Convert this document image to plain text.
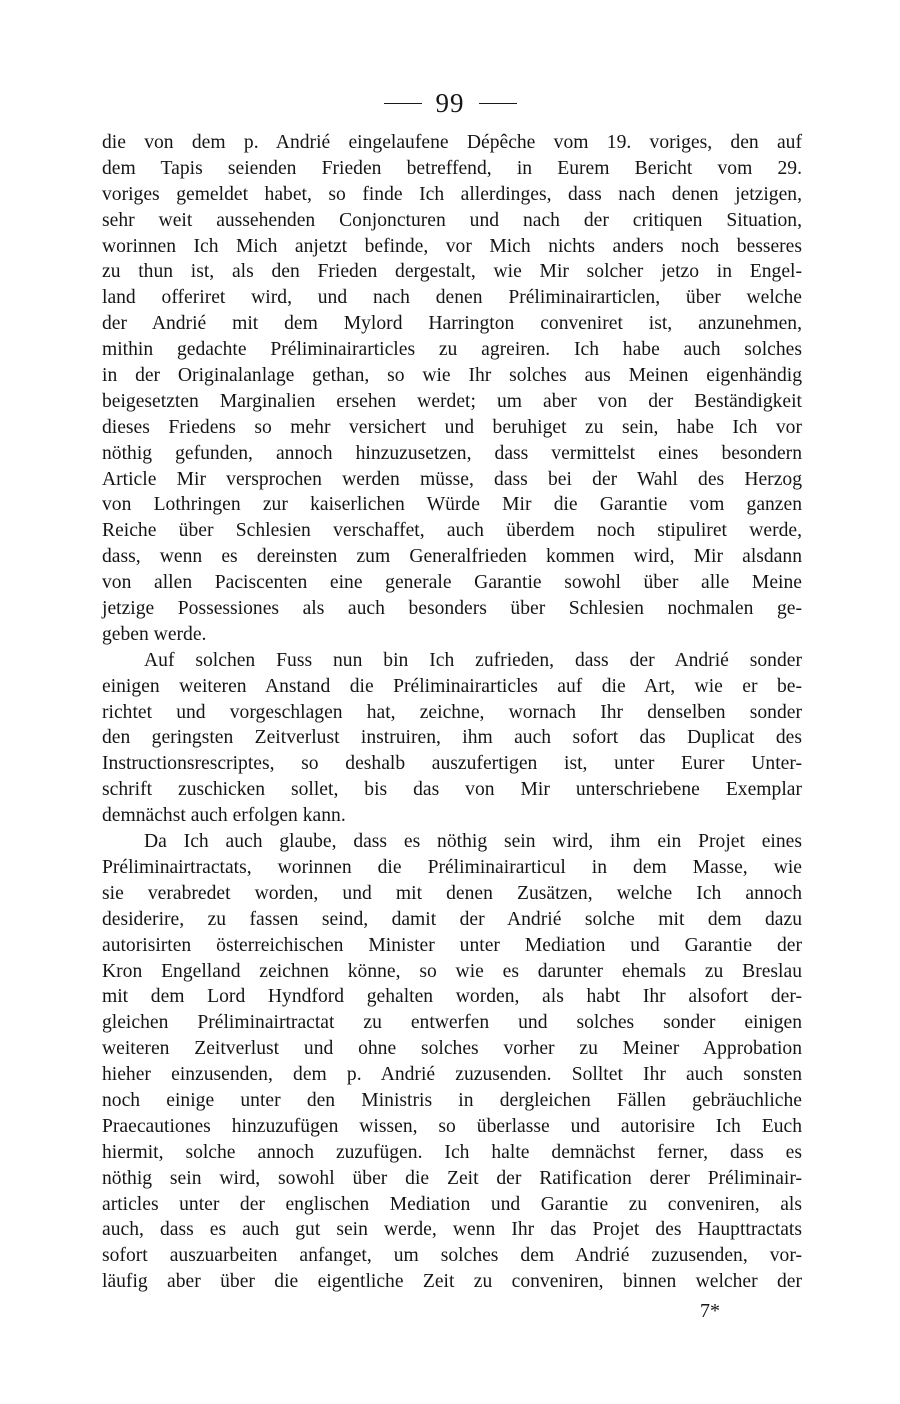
99
die von dem p. Andrié eingelaufene Dépêche vom 19. voriges, den auf
dem Tapis seienden Frieden betreffend, in Eurem Bericht vom 29.
voriges gemeldet habet, so finde Ich allerdinges, dass nach denen jetzigen,
sehr weit aussehenden Conjoncturen und nach der critiquen Situation,
worinnen Ich Mich anjetzt befinde, vor Mich nichts anders noch besseres
zu thun ist, als den Frieden dergestalt, wie Mir solcher jetzo in Engel-
land offeriret wird, und nach denen Préliminairarticlen, über welche
der Andrié mit dem Mylord Harrington conveniret ist, anzunehmen,
mithin gedachte Préliminairarticles zu agreiren. Ich habe auch solches
in der Originalanlage gethan, so wie Ihr solches aus Meinen eigenhändig
beigesetzten Marginalien ersehen werdet; um aber von der Beständigkeit
dieses Friedens so mehr versichert und beruhiget zu sein, habe Ich vor
nöthig gefunden, annoch hinzuzusetzen, dass vermittelst eines besondern
Article Mir versprochen werden müsse, dass bei der Wahl des Herzog
von Lothringen zur kaiserlichen Würde Mir die Garantie vom ganzen
Reiche über Schlesien verschaffet, auch überdem noch stipuliret werde,
dass, wenn es dereinsten zum Generalfrieden kommen wird, Mir alsdann
von allen Paciscenten eine generale Garantie sowohl über alle Meine
jetzige Possessiones als auch besonders über Schlesien nochmalen ge-
geben werde.
Auf solchen Fuss nun bin Ich zufrieden, dass der Andrié sonder
einigen weiteren Anstand die Préliminairarticles auf die Art, wie er be-
richtet und vorgeschlagen hat, zeichne, wornach Ihr denselben sonder
den geringsten Zeitverlust instruiren, ihm auch sofort das Duplicat des
Instructionsrescriptes, so deshalb auszufertigen ist, unter Eurer Unter-
schrift zuschicken sollet, bis das von Mir unterschriebene Exemplar
demnächst auch erfolgen kann.
Da Ich auch glaube, dass es nöthig sein wird, ihm ein Projet eines
Préliminairtractats, worinnen die Préliminairarticul in dem Masse, wie
sie verabredet worden, und mit denen Zusätzen, welche Ich annoch
desiderire, zu fassen seind, damit der Andrié solche mit dem dazu
autorisirten österreichischen Minister unter Mediation und Garantie der
Kron Engelland zeichnen könne, so wie es darunter ehemals zu Breslau
mit dem Lord Hyndford gehalten worden, als habt Ihr alsofort der-
gleichen Préliminairtractat zu entwerfen und solches sonder einigen
weiteren Zeitverlust und ohne solches vorher zu Meiner Approbation
hieher einzusenden, dem p. Andrié zuzusenden. Solltet Ihr auch sonsten
noch einige unter den Ministris in dergleichen Fällen gebräuchliche
Praecautiones hinzuzufügen wissen, so überlasse und autorisire Ich Euch
hiermit, solche annoch zuzufügen. Ich halte demnächst ferner, dass es
nöthig sein wird, sowohl über die Zeit der Ratification derer Préliminair-
articles unter der englischen Mediation und Garantie zu conveniren, als
auch, dass es auch gut sein werde, wenn Ihr das Projet des Haupttractats
sofort auszuarbeiten anfanget, um solches dem Andrié zuzusenden, vor-
läufig aber über die eigentliche Zeit zu conveniren, binnen welcher der
7*
